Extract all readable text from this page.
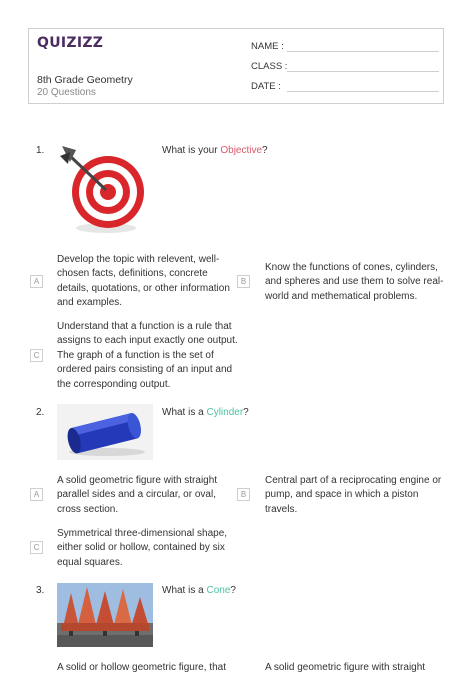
QUIZIZZ
8th Grade Geometry
20 Questions
NAME :
CLASS :
DATE :
1.	What is your Objective?
A
Develop the topic with relevent, well-chosen facts, definitions, concrete details, quotations, or other information and examples.
B
Know the functions of cones, cylinders, and spheres and use them to solve real-world and methematical problems.
C
Understand that a function is a rule that assigns to each input exactly one output. The graph of a function is the set of ordered pairs consisting of an input and the corresponding output.
2.	What is a Cylinder?
A
A solid geometric figure with straight parallel sides and a circular, or oval, cross section.
B
Central part of a reciprocating engine or pump, and space in which a piston travels.
C
Symmetrical three-dimensional shape, either solid or hollow, contained by six equal squares.
3.	What is a Cone?
A solid or hollow geometric figure, that	A solid geometric figure with straight
